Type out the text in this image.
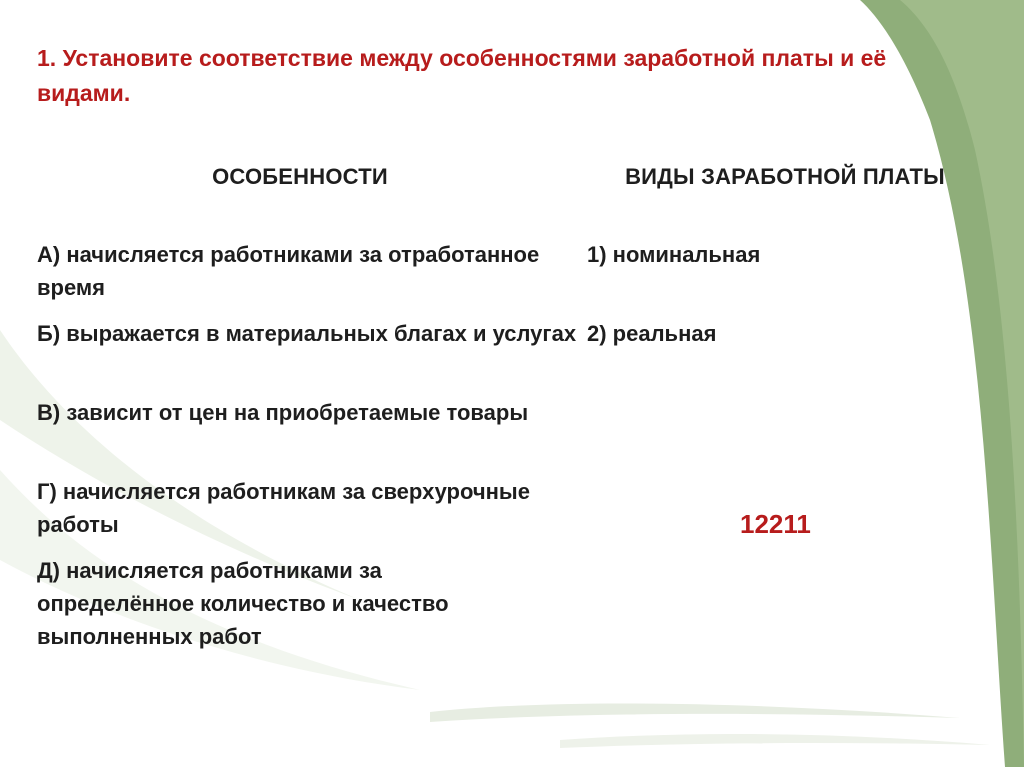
1. Установите соответствие между особенностями заработной платы и её видами.
ОСОБЕННОСТИ	ВИДЫ ЗАРАБОТНОЙ ПЛАТЫ

А) начисляется работниками за отработанное время

Б) выражается в материальных благах и услугах

В) зависит от цен на приобретаемые товары

Г) начисляется работникам за сверхурочные работы

Д) начисляется работниками за определённое количество и качество выполненных работ

1) номинальная
2) реальная
12211
